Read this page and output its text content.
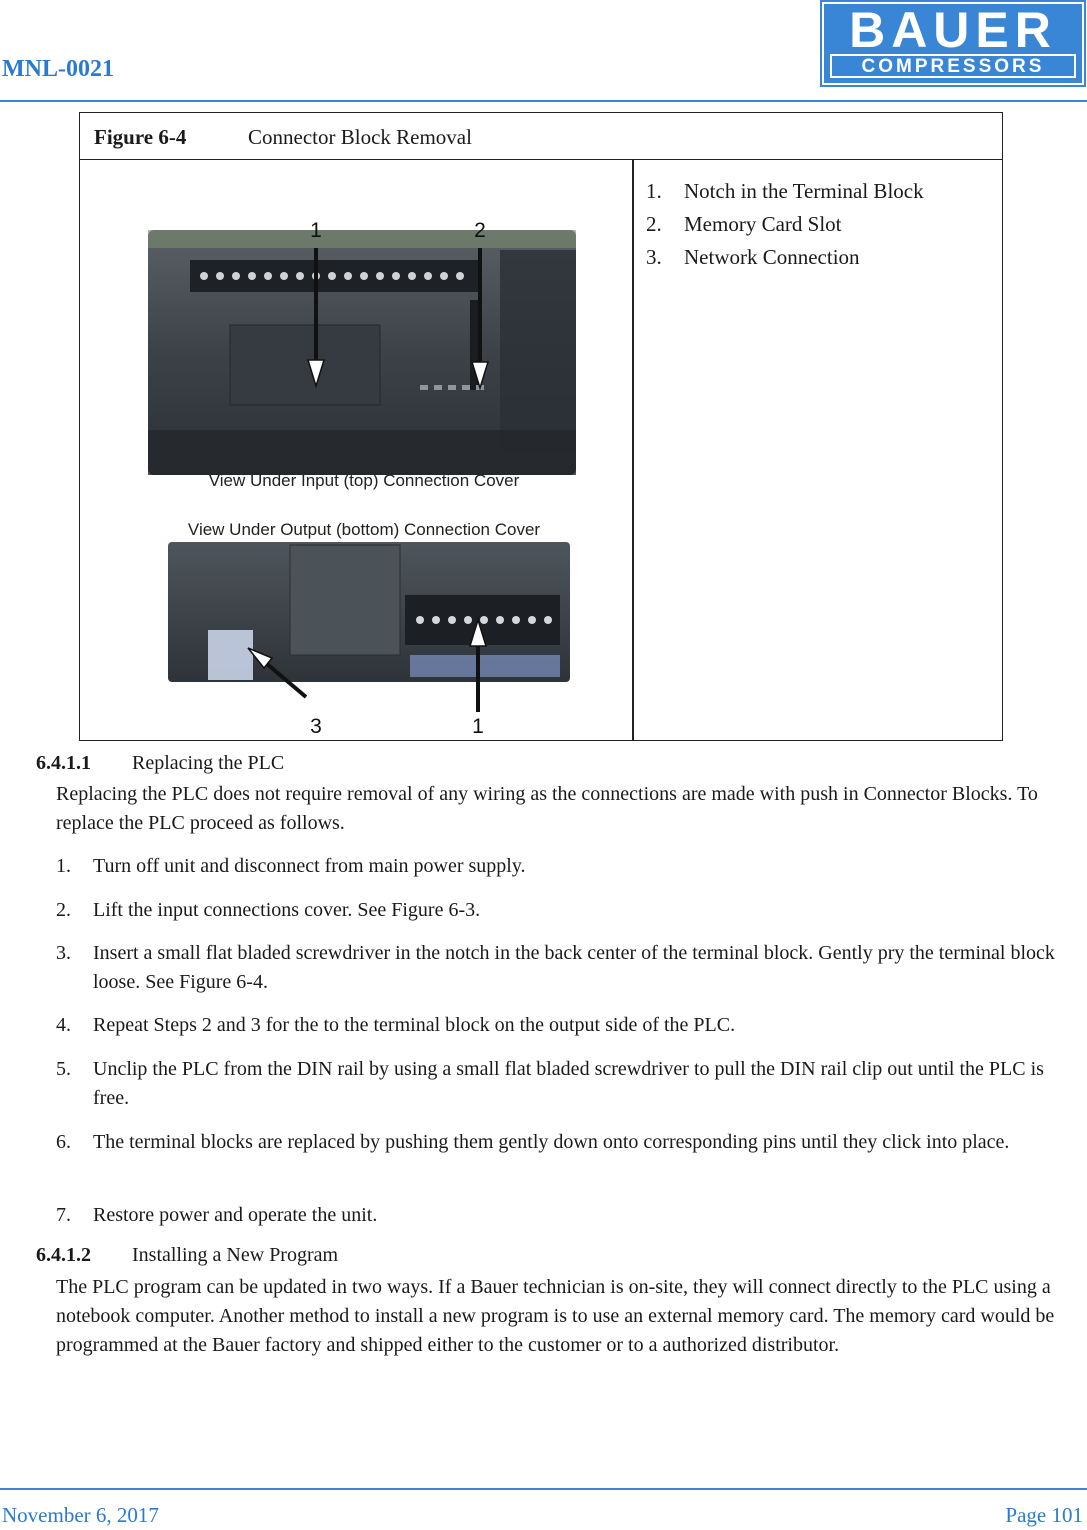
MNL-0021
BAUER
COMPRESSORS
Figure 6-4	Connector Block Removal
1	2
View Under Input (top) Connection Cover
View Under Output (bottom) Connection Cover
3	1
1.	Notch in the Terminal Block
2.	Memory Card Slot
3.	Network Connection
6.4.1.1 Replacing the PLC
Replacing the PLC does not require removal of any wiring as the connections are made with push in Connector Blocks. To replace the PLC proceed as follows.
1.	Turn off unit and disconnect from main power supply.
2.	Lift the input connections cover. See Figure 6-3.
3.	Insert a small flat bladed screwdriver in the notch in the back center of the terminal block. Gently pry the terminal block loose. See Figure 6-4.
4.	Repeat Steps 2 and 3 for the to the terminal block on the output side of the PLC.
5.	Unclip the PLC from the DIN rail by using a small flat bladed screwdriver to pull the DIN rail clip out until the PLC is free.
6.	The terminal blocks are replaced by pushing them gently down onto corresponding pins until they click into place.
7.	Restore power and operate the unit.
6.4.1.2 Installing a New Program
The PLC program can be updated in two ways. If a Bauer technician is on-site, they will connect directly to the PLC using a notebook computer. Another method to install a new program is to use an external memory card. The memory card would be programmed at the Bauer factory and shipped either to the customer or to a authorized distributor.
November 6, 2017	Page 101
